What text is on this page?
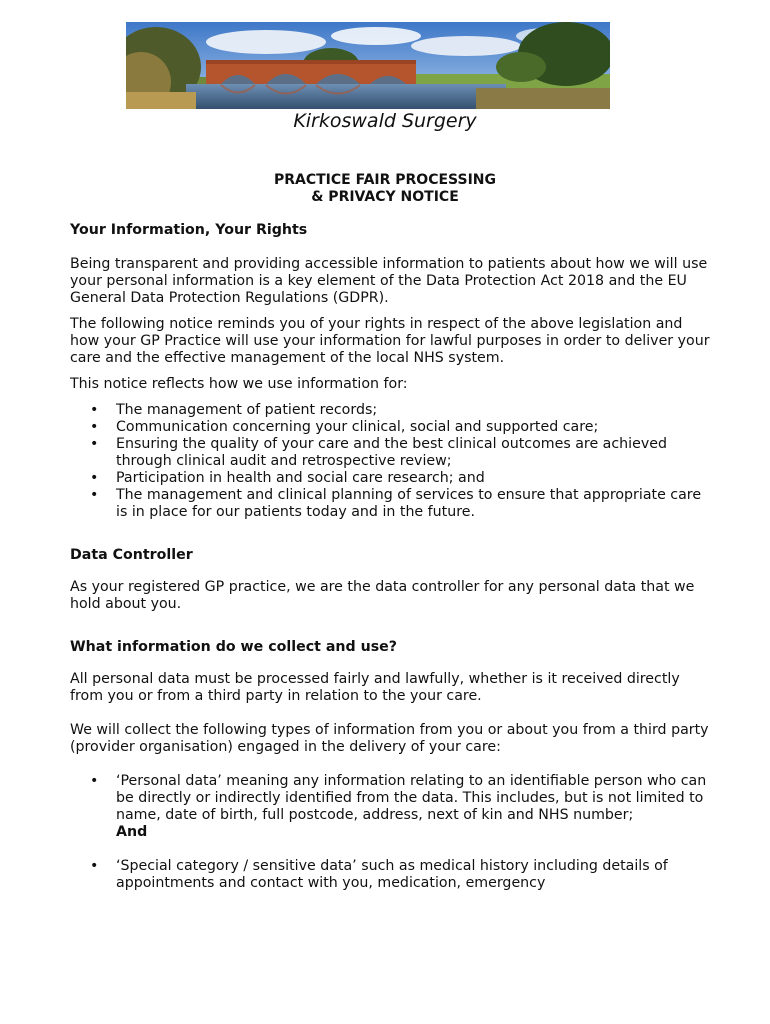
Kirkoswald Surgery
PRACTICE FAIR PROCESSING
& PRIVACY NOTICE
Your Information, Your Rights

Being transparent and providing accessible information to patients about how we will use your personal information is a key element of the Data Protection Act 2018 and the EU General Data Protection Regulations (GDPR).

The following notice reminds you of your rights in respect of the above legislation and how your GP Practice will use your information for lawful purposes in order to deliver your care and the effective management of the local NHS system.

This notice reflects how we use information for:

• The management of patient records;
• Communication concerning your clinical, social and supported care;
• Ensuring the quality of your care and the best clinical outcomes are achieved through clinical audit and retrospective review;
• Participation in health and social care research; and
• The management and clinical planning of services to ensure that appropriate care is in place for our patients today and in the future.
Data Controller

As your registered GP practice, we are the data controller for any personal data that we hold about you.

What information do we collect and use?

All personal data must be processed fairly and lawfully, whether is it received directly from you or from a third party in relation to the your care.

We will collect the following types of information from you or about you from a third party (provider organisation) engaged in the delivery of your care:

• ‘Personal data’ meaning any information relating to an identifiable person who can be directly or indirectly identified from the data. This includes, but is not limited to name, date of birth, full postcode, address, next of kin and NHS number;
And
• ‘Special category / sensitive data’ such as medical history including details of appointments and contact with you, medication, emergency
